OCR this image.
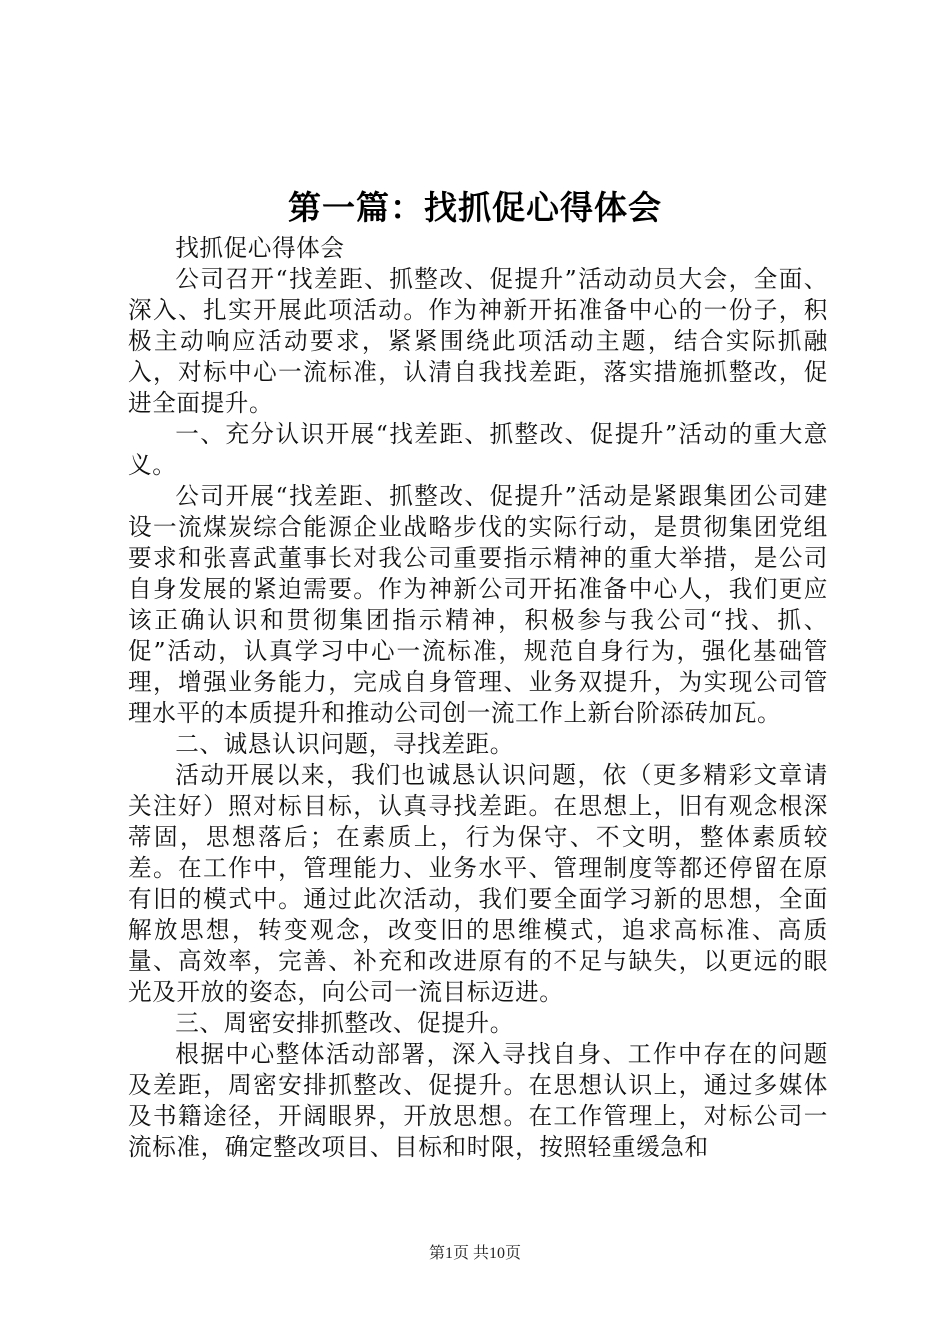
第一篇：找抓促心得体会

找抓促心得体会

公司召开“找差距、抓整改、促提升”活动动员大会，全面、深入、扎实开展此项活动。作为神新开拓准备中心的一份子，积极主动响应活动要求，紧紧围绕此项活动主题，结合实际抓融入，对标中心一流标准，认清自我找差距，落实措施抓整改，促进全面提升。

一、充分认识开展“找差距、抓整改、促提升”活动的重大意义。

公司开展“找差距、抓整改、促提升”活动是紧跟集团公司建设一流煤炭综合能源企业战略步伐的实际行动，是贯彻集团党组要求和张喜武董事长对我公司重要指示精神的重大举措，是公司自身发展的紧迫需要。作为神新公司开拓准备中心人，我们更应该正确认识和贯彻集团指示精神，积极参与我公司“找、抓、促”活动，认真学习中心一流标准，规范自身行为，强化基础管理，增强业务能力，完成自身管理、业务双提升，为实现公司管理水平的本质提升和推动公司创一流工作上新台阶添砖加瓦。

二、诚恳认识问题，寻找差距。

活动开展以来，我们也诚恳认识问题，依（更多精彩文章请关注好）照对标目标，认真寻找差距。在思想上，旧有观念根深蒂固，思想落后；在素质上，行为保守、不文明，整体素质较差。在工作中，管理能力、业务水平、管理制度等都还停留在原有旧的模式中。通过此次活动，我们要全面学习新的思想，全面解放思想，转变观念，改变旧的思维模式，追求高标准、高质量、高效率，完善、补充和改进原有的不足与缺失，以更远的眼光及开放的姿态，向公司一流目标迈进。

三、周密安排抓整改、促提升。

根据中心整体活动部署，深入寻找自身、工作中存在的问题及差距，周密安排抓整改、促提升。在思想认识上，通过多媒体及书籍途径，开阔眼界，开放思想。在工作管理上，对标公司一流标准，确定整改项目、目标和时限，按照轻重缓急和

第1页 共10页
